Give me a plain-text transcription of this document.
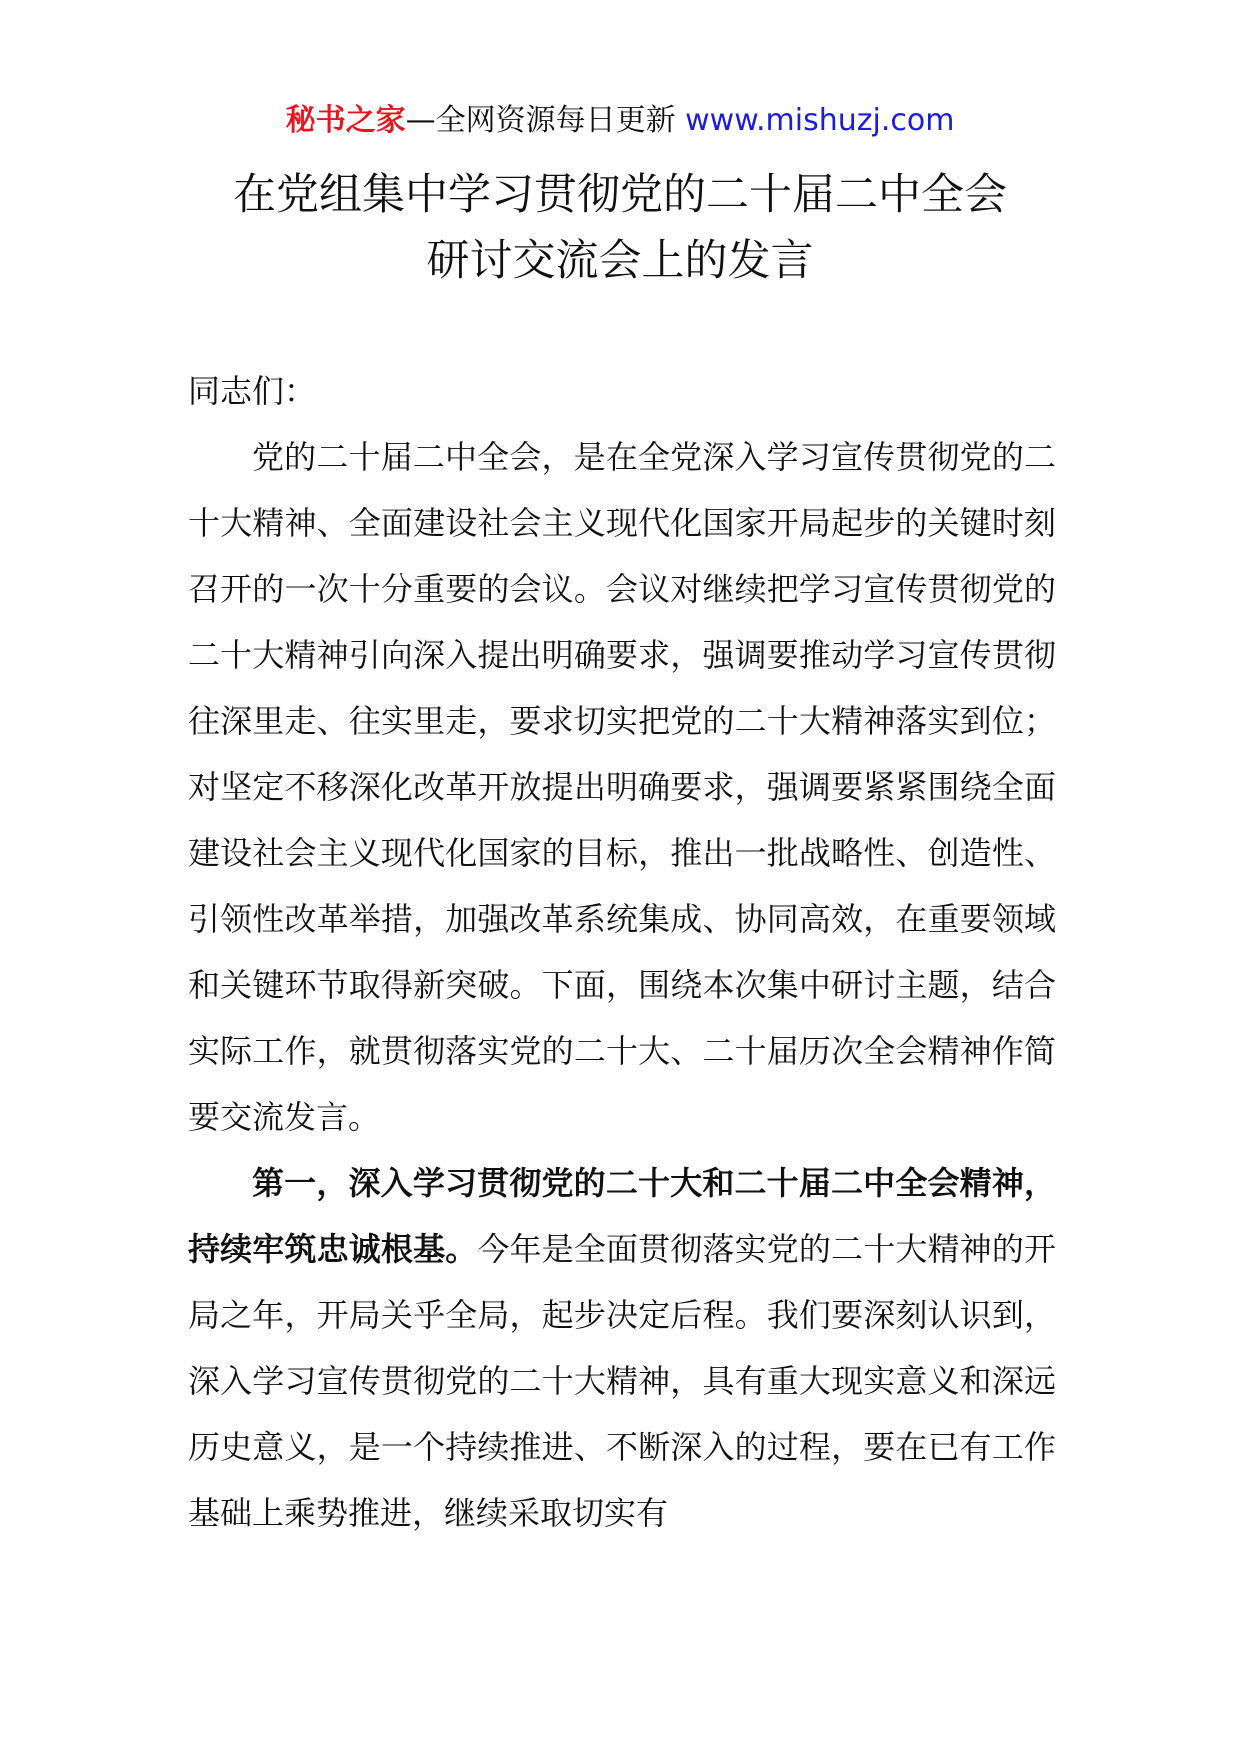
秘书之家—全网资源每日更新 www.mishuzj.com
在党组集中学习贯彻党的二十届二中全会
研讨交流会上的发言

同志们：

党的二十届二中全会，是在全党深入学习宣传贯彻党的二十大精神、全面建设社会主义现代化国家开局起步的关键时刻召开的一次十分重要的会议。会议对继续把学习宣传贯彻党的二十大精神引向深入提出明确要求，强调要推动学习宣传贯彻往深里走、往实里走，要求切实把党的二十大精神落实到位；对坚定不移深化改革开放提出明确要求，强调要紧紧围绕全面建设社会主义现代化国家的目标，推出一批战略性、创造性、引领性改革举措，加强改革系统集成、协同高效，在重要领域和关键环节取得新突破。下面，围绕本次集中研讨主题，结合实际工作，就贯彻落实党的二十大、二十届历次全会精神作简要交流发言。

第一，深入学习贯彻党的二十大和二十届二中全会精神，持续牢筑忠诚根基。今年是全面贯彻落实党的二十大精神的开局之年，开局关乎全局，起步决定后程。我们要深刻认识到，深入学习宣传贯彻党的二十大精神，具有重大现实意义和深远历史意义，是一个持续推进、不断深入的过程，要在已有工作基础上乘势推进，继续采取切实有
